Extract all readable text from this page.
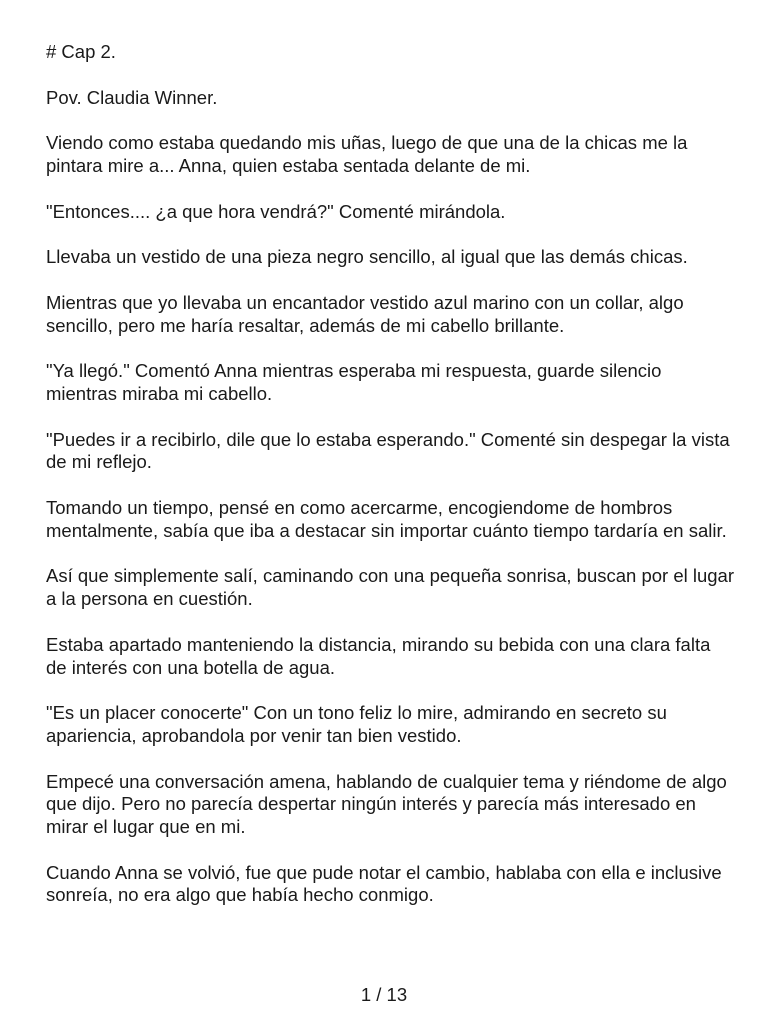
# Cap 2.

Pov. Claudia Winner.

Viendo como estaba quedando mis uñas, luego de que una de la chicas me la pintara mire a... Anna, quien estaba sentada delante de mi.

"Entonces.... ¿a que hora vendrá?" Comenté mirándola.

Llevaba un vestido de una pieza negro sencillo, al igual que las demás chicas.

Mientras que yo llevaba un encantador vestido azul marino con un collar, algo sencillo, pero me haría resaltar, además de mi cabello brillante.

"Ya llegó." Comentó Anna mientras esperaba mi respuesta, guarde silencio mientras miraba mi cabello.

"Puedes ir a recibirlo, dile que lo estaba esperando." Comenté sin despegar la vista de mi reflejo.

Tomando un tiempo, pensé en como acercarme, encogiendome de hombros mentalmente, sabía que iba a destacar sin importar cuánto tiempo tardaría en salir.

Así que simplemente salí, caminando con una pequeña sonrisa, buscan por el lugar a la persona en cuestión.

Estaba apartado manteniendo la distancia, mirando su bebida con una clara falta de interés con una botella de agua.

"Es un placer conocerte" Con un tono feliz lo mire, admirando en secreto su apariencia, aprobandola por venir tan bien vestido.

Empecé una conversación amena, hablando de cualquier tema y riéndome de algo que dijo. Pero no parecía despertar ningún interés y parecía más interesado en mirar el lugar que en mi.

Cuando Anna se volvió, fue que pude notar el cambio, hablaba con ella e inclusive sonreía, no era algo que había hecho conmigo.

1 / 13
